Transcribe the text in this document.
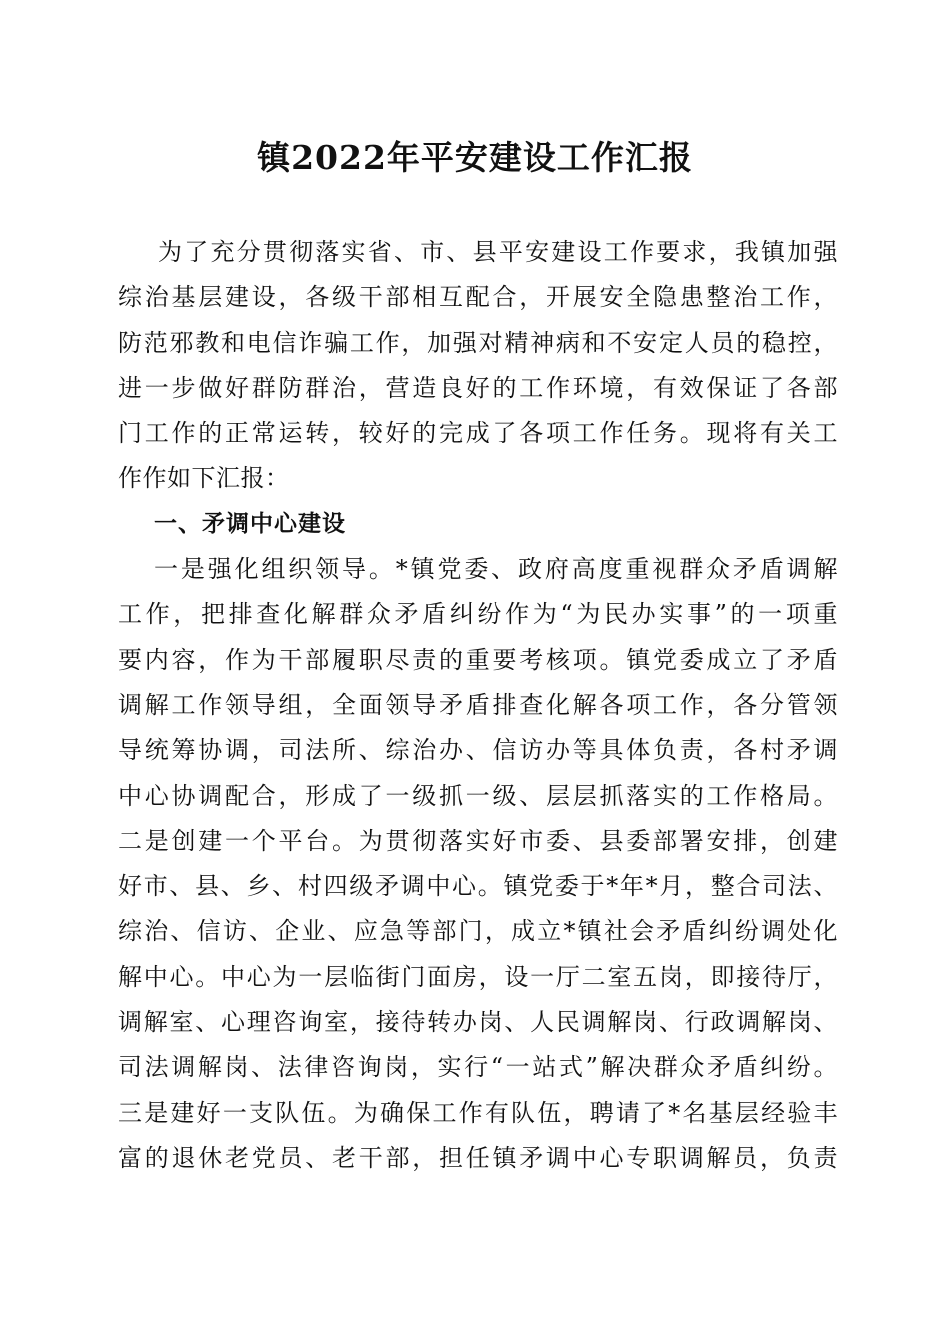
镇2022年平安建设工作汇报
为了充分贯彻落实省、市、县平安建设工作要求，我镇加强
综治基层建设，各级干部相互配合，开展安全隐患整治工作，
防范邪教和电信诈骗工作，加强对精神病和不安定人员的稳控，
进一步做好群防群治，营造良好的工作环境，有效保证了各部
门工作的正常运转，较好的完成了各项工作任务。现将有关工
作作如下汇报：
一、矛调中心建设
一是强化组织领导。*镇党委、政府高度重视群众矛盾调解
工作，把排查化解群众矛盾纠纷作为“为民办实事”的一项重
要内容，作为干部履职尽责的重要考核项。镇党委成立了矛盾
调解工作领导组，全面领导矛盾排查化解各项工作，各分管领
导统筹协调，司法所、综治办、信访办等具体负责，各村矛调
中心协调配合，形成了一级抓一级、层层抓落实的工作格局。
二是创建一个平台。为贯彻落实好市委、县委部署安排，创建
好市、县、乡、村四级矛调中心。镇党委于*年*月，整合司法、
综治、信访、企业、应急等部门，成立*镇社会矛盾纠纷调处化
解中心。中心为一层临街门面房，设一厅二室五岗，即接待厅，
调解室、心理咨询室，接待转办岗、人民调解岗、行政调解岗、
司法调解岗、法律咨询岗，实行“一站式”解决群众矛盾纠纷。
三是建好一支队伍。为确保工作有队伍，聘请了*名基层经验丰
富的退休老党员、老干部，担任镇矛调中心专职调解员，负责
